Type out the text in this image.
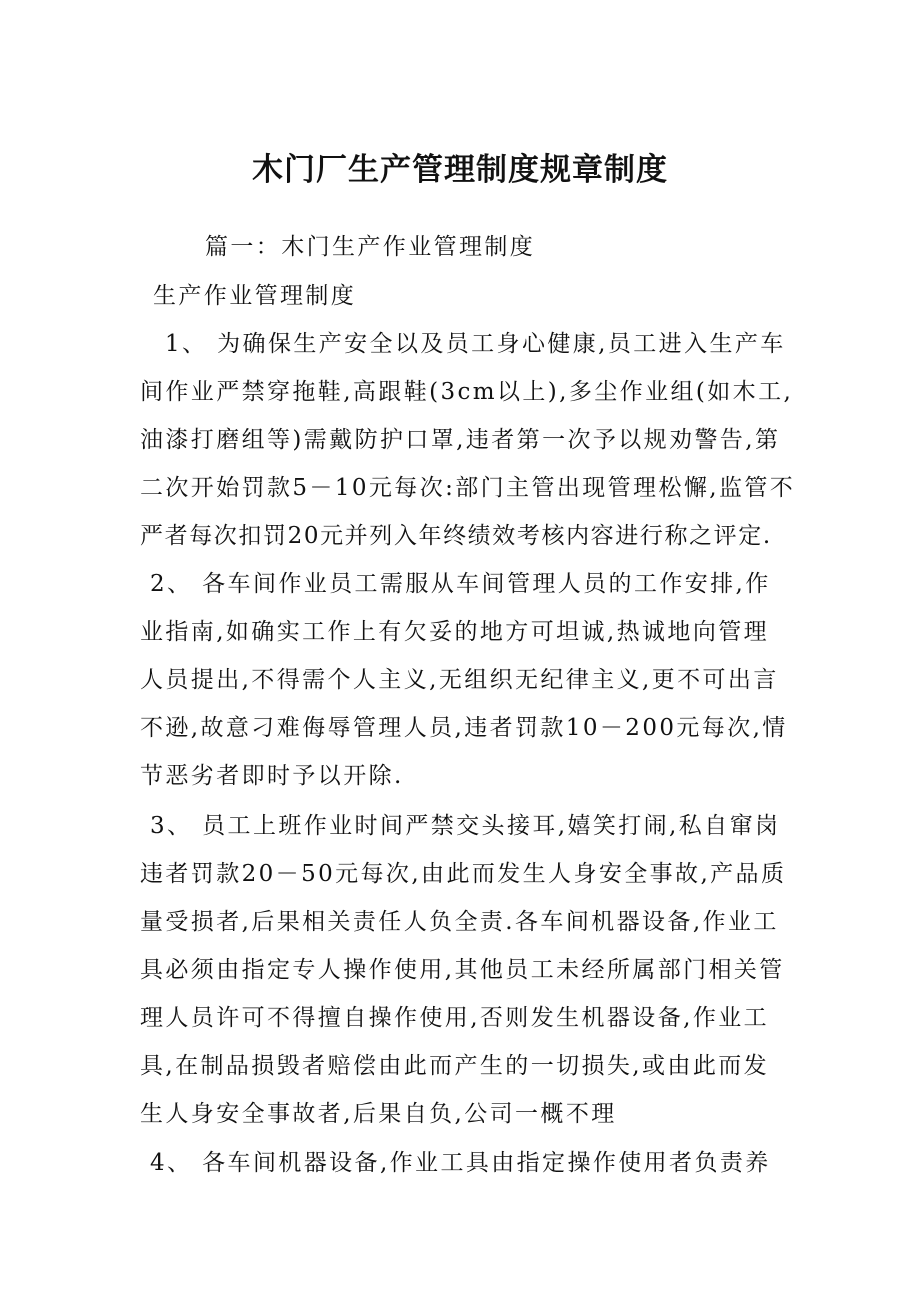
木门厂生产管理制度规章制度
篇一：木门生产作业管理制度
生产作业管理制度
1、 为确保生产安全以及员工身心健康,员工进入生产车
间作业严禁穿拖鞋,高跟鞋(3cm以上),多尘作业组(如木工,
油漆打磨组等)需戴防护口罩,违者第一次予以规劝警告,第
二次开始罚款5－10元每次:部门主管出现管理松懈,监管不
严者每次扣罚20元并列入年终绩效考核内容进行称之评定.
2、 各车间作业员工需服从车间管理人员的工作安排,作
业指南,如确实工作上有欠妥的地方可坦诚,热诚地向管理
人员提出,不得需个人主义,无组织无纪律主义,更不可出言
不逊,故意刁难侮辱管理人员,违者罚款10－200元每次,情
节恶劣者即时予以开除.
3、 员工上班作业时间严禁交头接耳,嬉笑打闹,私自窜岗
违者罚款20－50元每次,由此而发生人身安全事故,产品质
量受损者,后果相关责任人负全责.各车间机器设备,作业工
具必须由指定专人操作使用,其他员工未经所属部门相关管
理人员许可不得擅自操作使用,否则发生机器设备,作业工
具,在制品损毁者赔偿由此而产生的一切损失,或由此而发
生人身安全事故者,后果自负,公司一概不理
4、 各车间机器设备,作业工具由指定操作使用者负责养
